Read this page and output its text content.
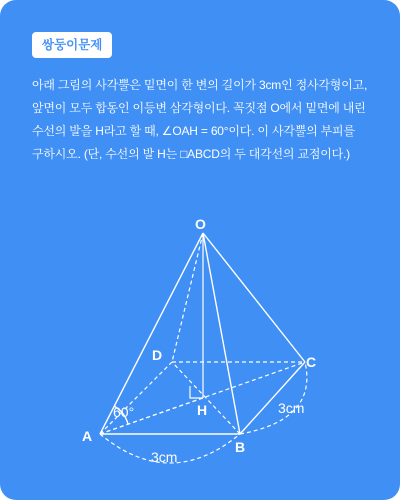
쌍둥이문제
아래 그림의 사각뿔은 밑면이 한 변의 길이가 3cm인 정사각형이고,
앞면이 모두 합동인 이등변 삼각형이다. 꼭짓점 O에서 밑면에 내린
수선의 발을 H라고 할 때, ∠OAH = 60°이다. 이 사각뿔의 부피를
구하시오. (단, 수선의 발 H는 □ABCD의 두 대각선의 교점이다.)
O
A
B
C
D
H
60°
3cm
3cm
